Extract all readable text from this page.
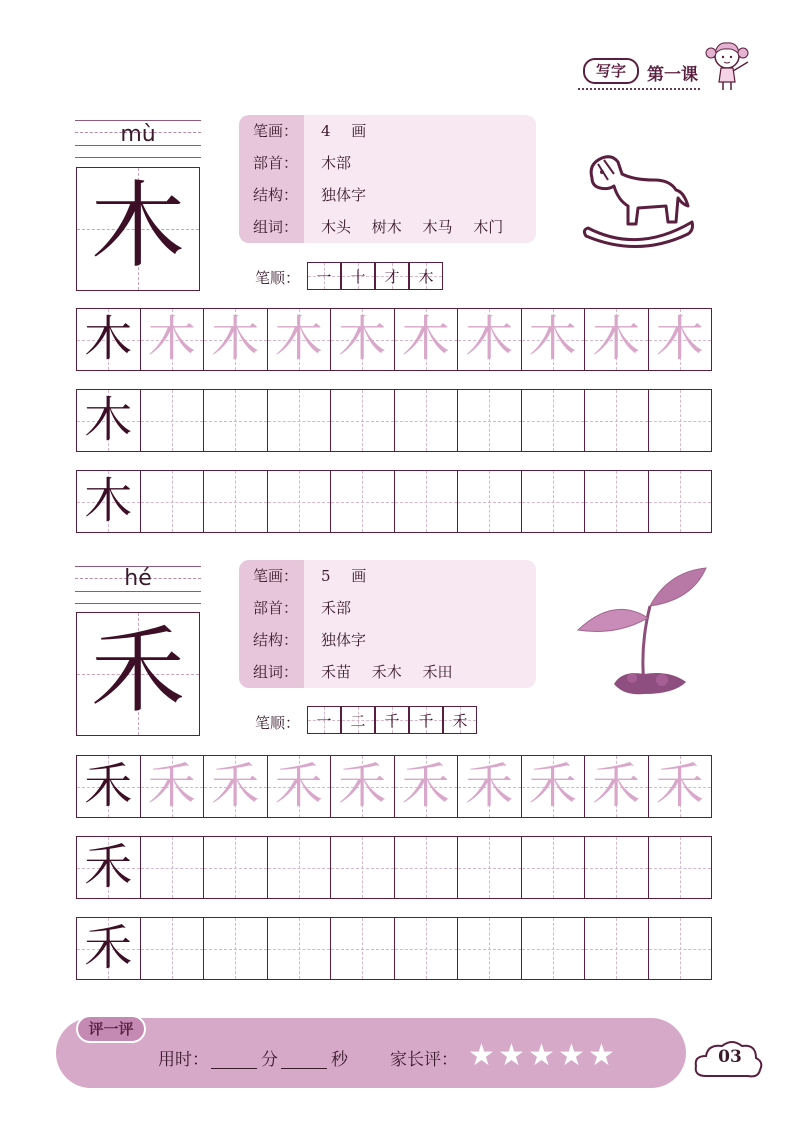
写字	第一课
mù
木
笔画： 4 画
部首： 木部
结构： 独体字
组词： 木头 树木 木马 木门
笔顺：	一	十	才	木
木 木 木 木 木 木 木 木 木 木
木
木
hé
禾
笔画： 5 画
部首： 禾部
结构： 独体字
组词： 禾苗 禾木 禾田
笔顺：	一	二	千	千	禾
禾 禾 禾 禾 禾 禾 禾 禾 禾 禾
禾
禾
评一评
用时：	分	秒 家长评： ★ ★ ★ ★ ★	03
